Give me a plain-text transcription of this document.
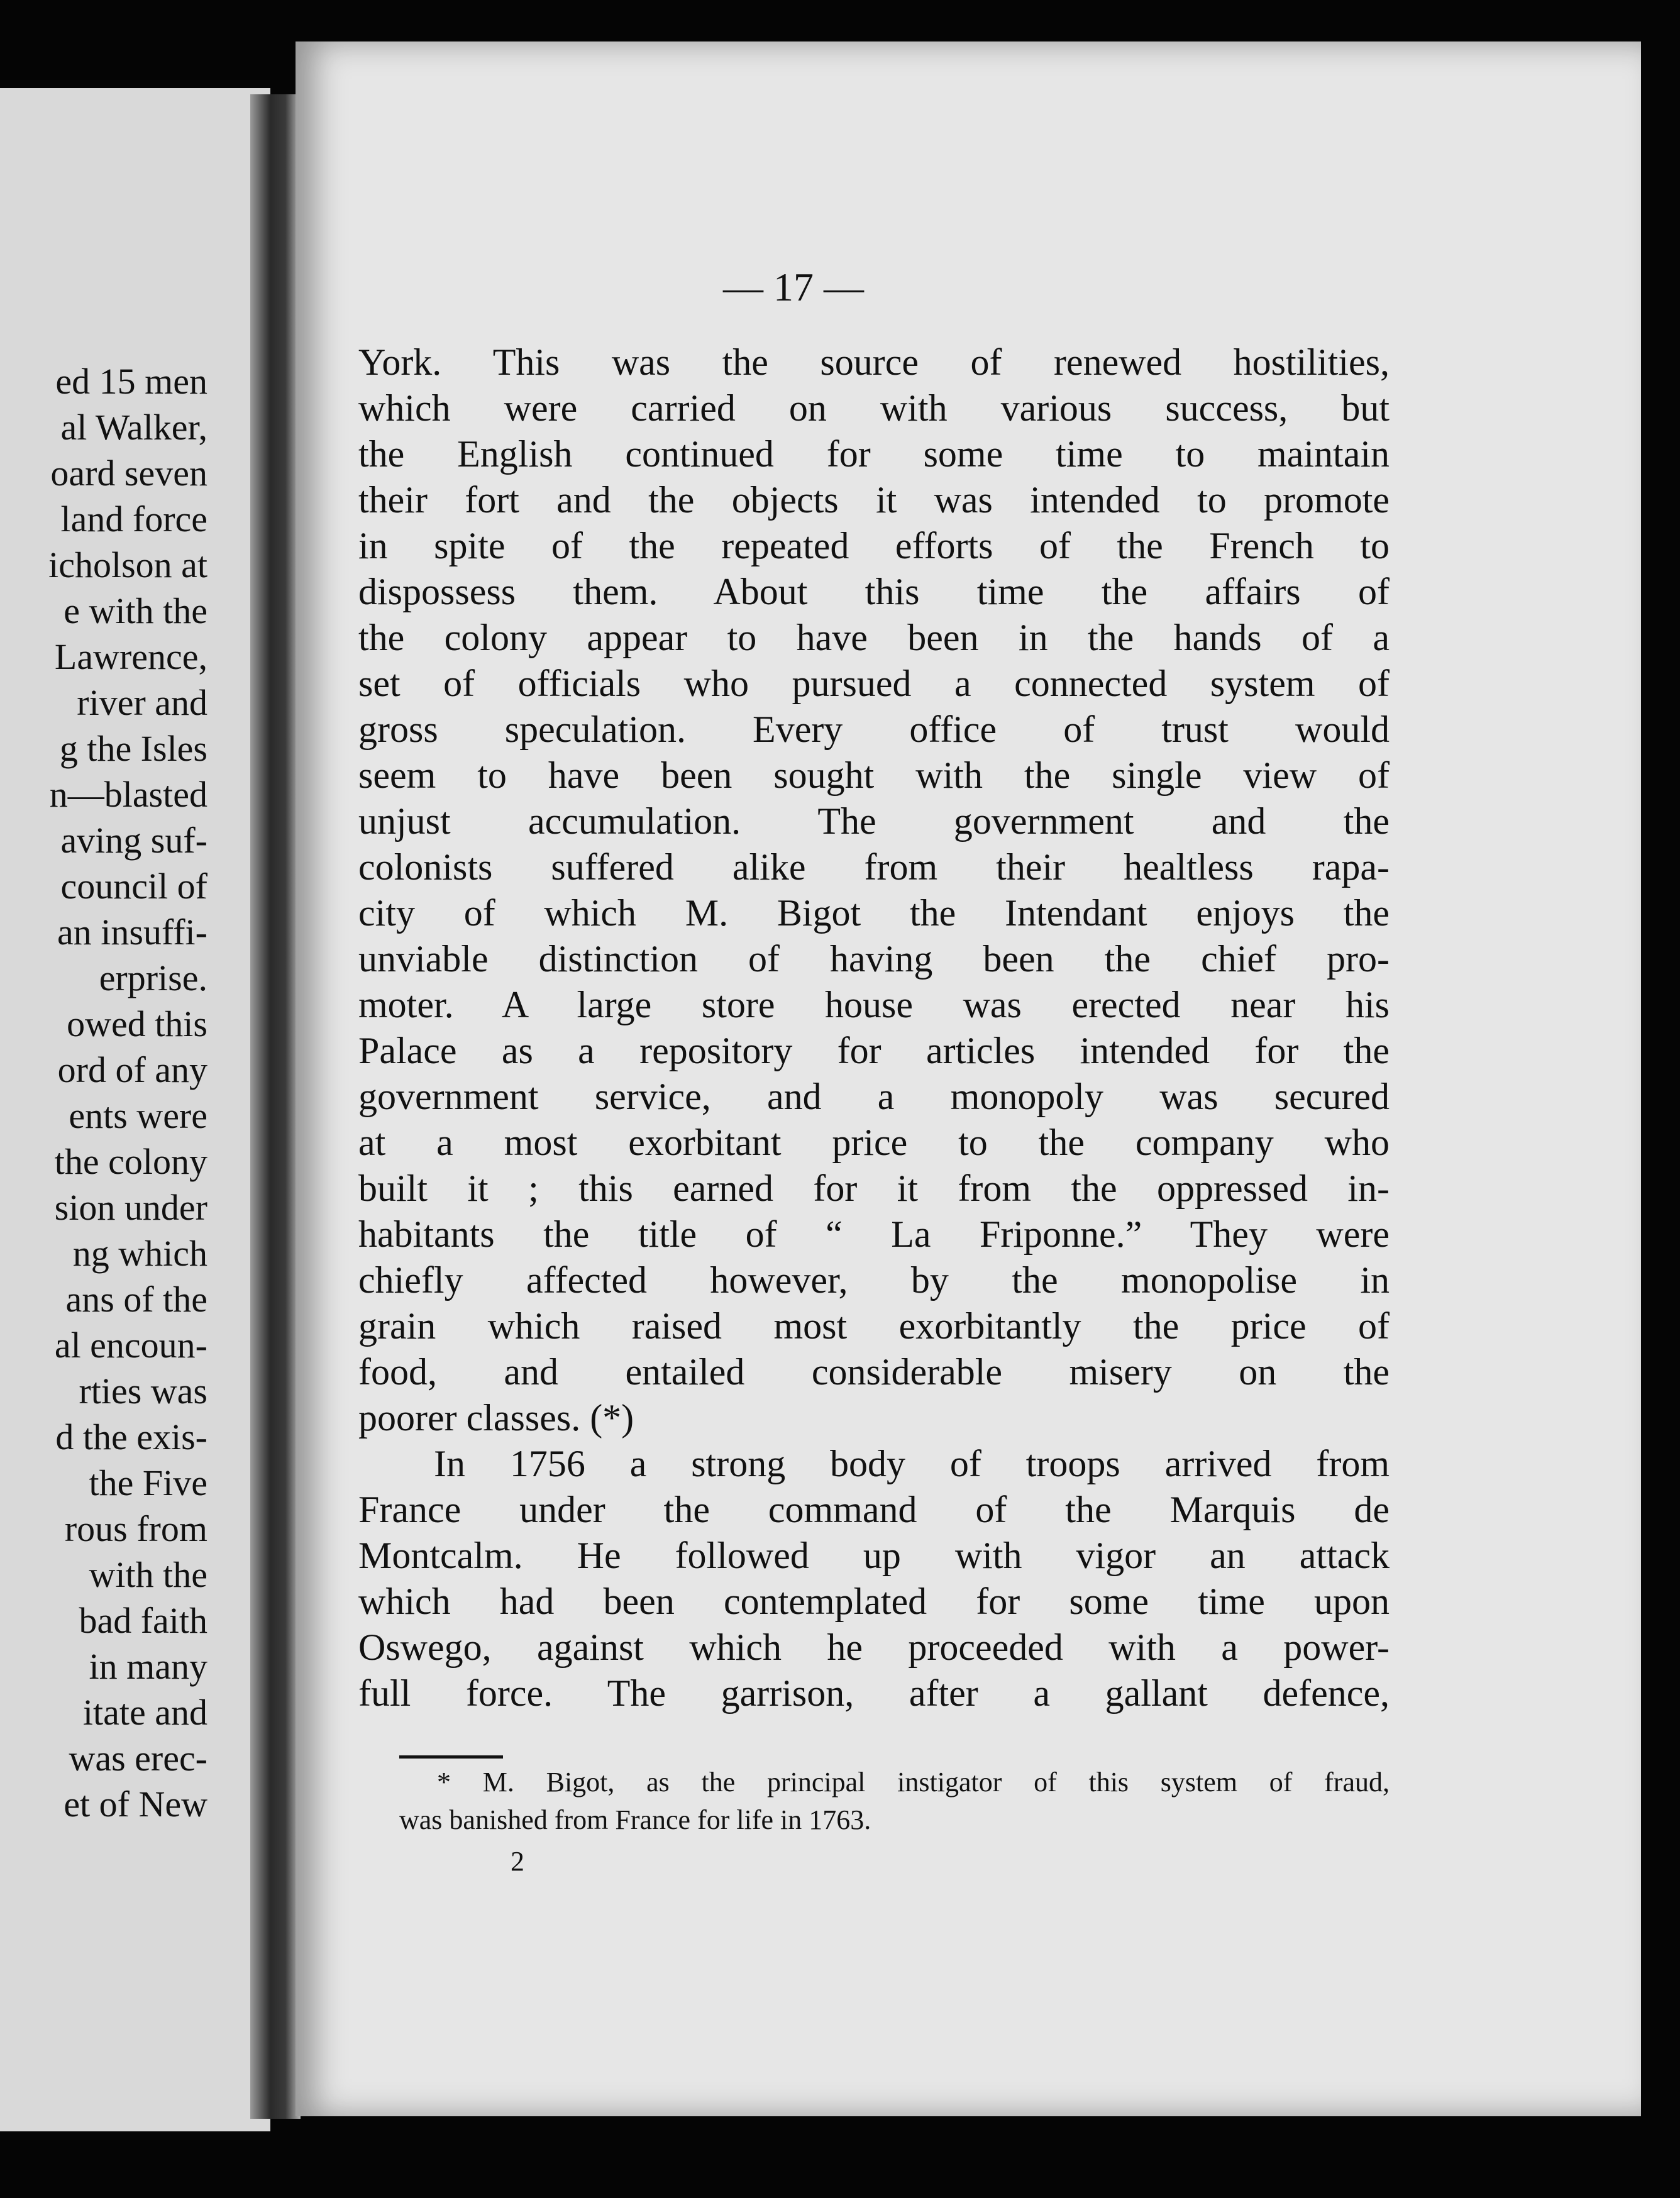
ed 15 men
al Walker,
oard seven
land force
icholson at
e with the
Lawrence,
river and
g the Isles
n—blasted
aving suf-
council of
an insuffi-
erprise.
owed this
ord of any
ents were
the colony
sion under
ng which
ans of the
al encoun-
rties was
d the exis-
the Five
rous from
with the
bad faith
in many
itate and
was erec-
et of New
— 17 —
York. This was the source of renewed hostilities,
which were carried on with various success, but
the English continued for some time to maintain
their fort and the objects it was intended to promote
in spite of the repeated efforts of the French to
dispossess them. About this time the affairs of
the colony appear to have been in the hands of a
set of officials who pursued a connected system of
gross speculation. Every office of trust would
seem to have been sought with the single view of
unjust accumulation. The government and the
colonists suffered alike from their healtless rapa-
city of which M. Bigot the Intendant enjoys the
unviable distinction of having been the chief pro-
moter. A large store house was erected near his
Palace as a repository for articles intended for the
government service, and a monopoly was secured
at a most exorbitant price to the company who
built it ; this earned for it from the oppressed in-
habitants the title of “ La Friponne.” They were
chiefly affected however, by the monopolise in
grain which raised most exorbitantly the price of
food, and entailed considerable misery on the
poorer classes. (*)
In 1756 a strong body of troops arrived from
France under the command of the Marquis de
Montcalm. He followed up with vigor an attack
which had been contemplated for some time upon
Oswego, against which he proceeded with a power-
full force. The garrison, after a gallant defence,
* M. Bigot, as the principal instigator of this system of fraud,
was banished from France for life in 1763.
2
